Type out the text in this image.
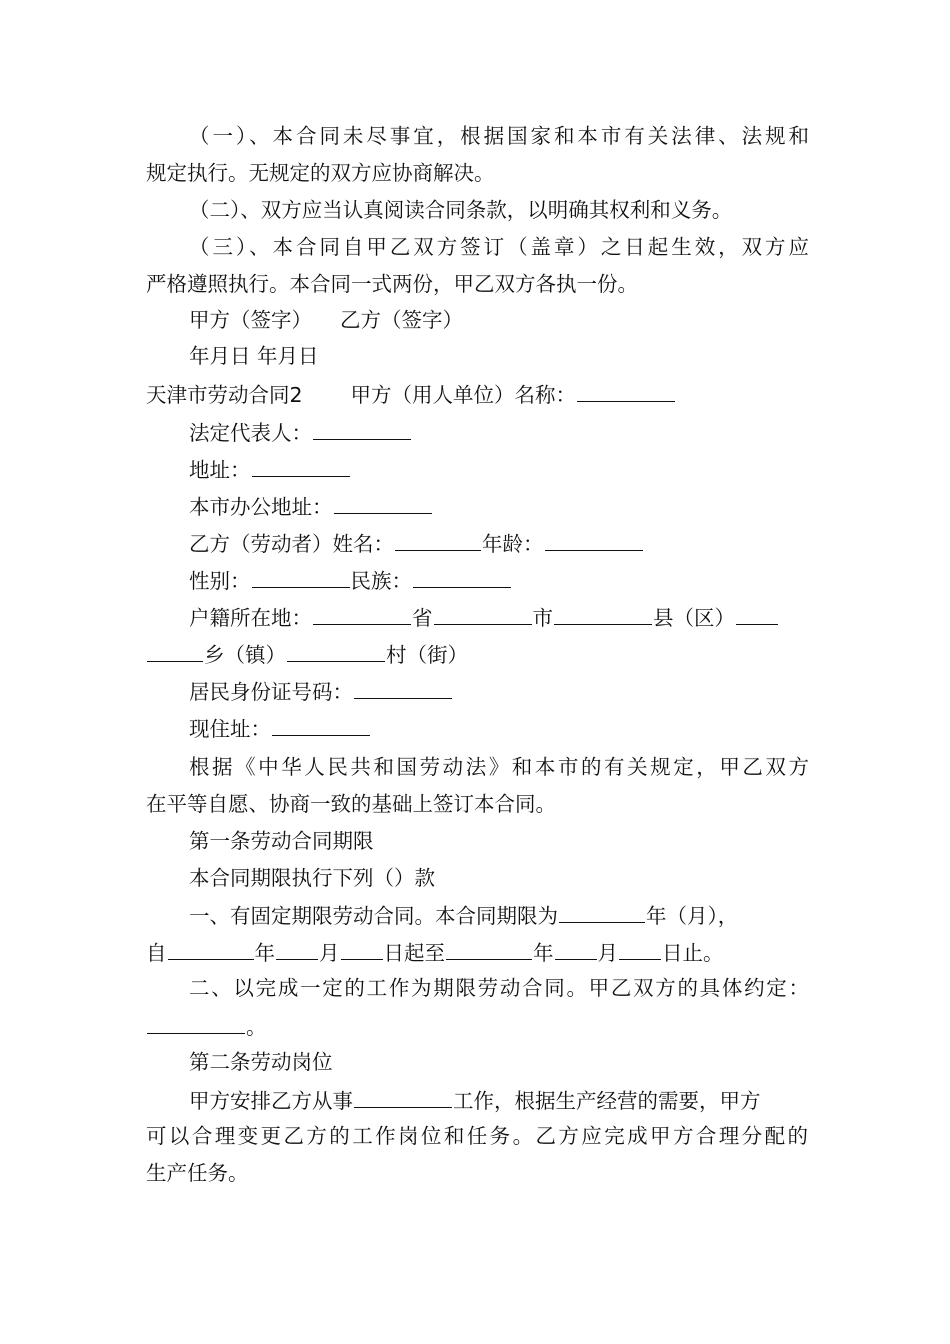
（一）、本合同未尽事宜，根据国家和本市有关法律、法规和
规定执行。无规定的双方应协商解决。
（二）、双方应当认真阅读合同条款，以明确其权利和义务。
（三）、本合同自甲乙双方签订（盖章）之日起生效，双方应
严格遵照执行。本合同一式两份，甲乙双方各执一份。
甲方（签字） 乙方（签字）
年月日 年月日
天津市劳动合同2 甲方（用人单位）名称：
法定代表人：
地址：
本市办公地址：
乙方（劳动者）姓名：	年龄：
性别：	民族：
户籍所在地：	省	市	县（区）
乡（镇）	村（街）
居民身份证号码：
现住址：
根据《中华人民共和国劳动法》和本市的有关规定，甲乙双方
在平等自愿、协商一致的基础上签订本合同。
第一条劳动合同期限
本合同期限执行下列（）款
一、有固定期限劳动合同。本合同期限为	年（月），
自	年 月 日起至	年 月 日止。
二、以完成一定的工作为期限劳动合同。甲乙双方的具体约定：
。
第二条劳动岗位
甲方安排乙方从事	工作，根据生产经营的需要，甲方
可以合理变更乙方的工作岗位和任务。乙方应完成甲方合理分配的
生产任务。
